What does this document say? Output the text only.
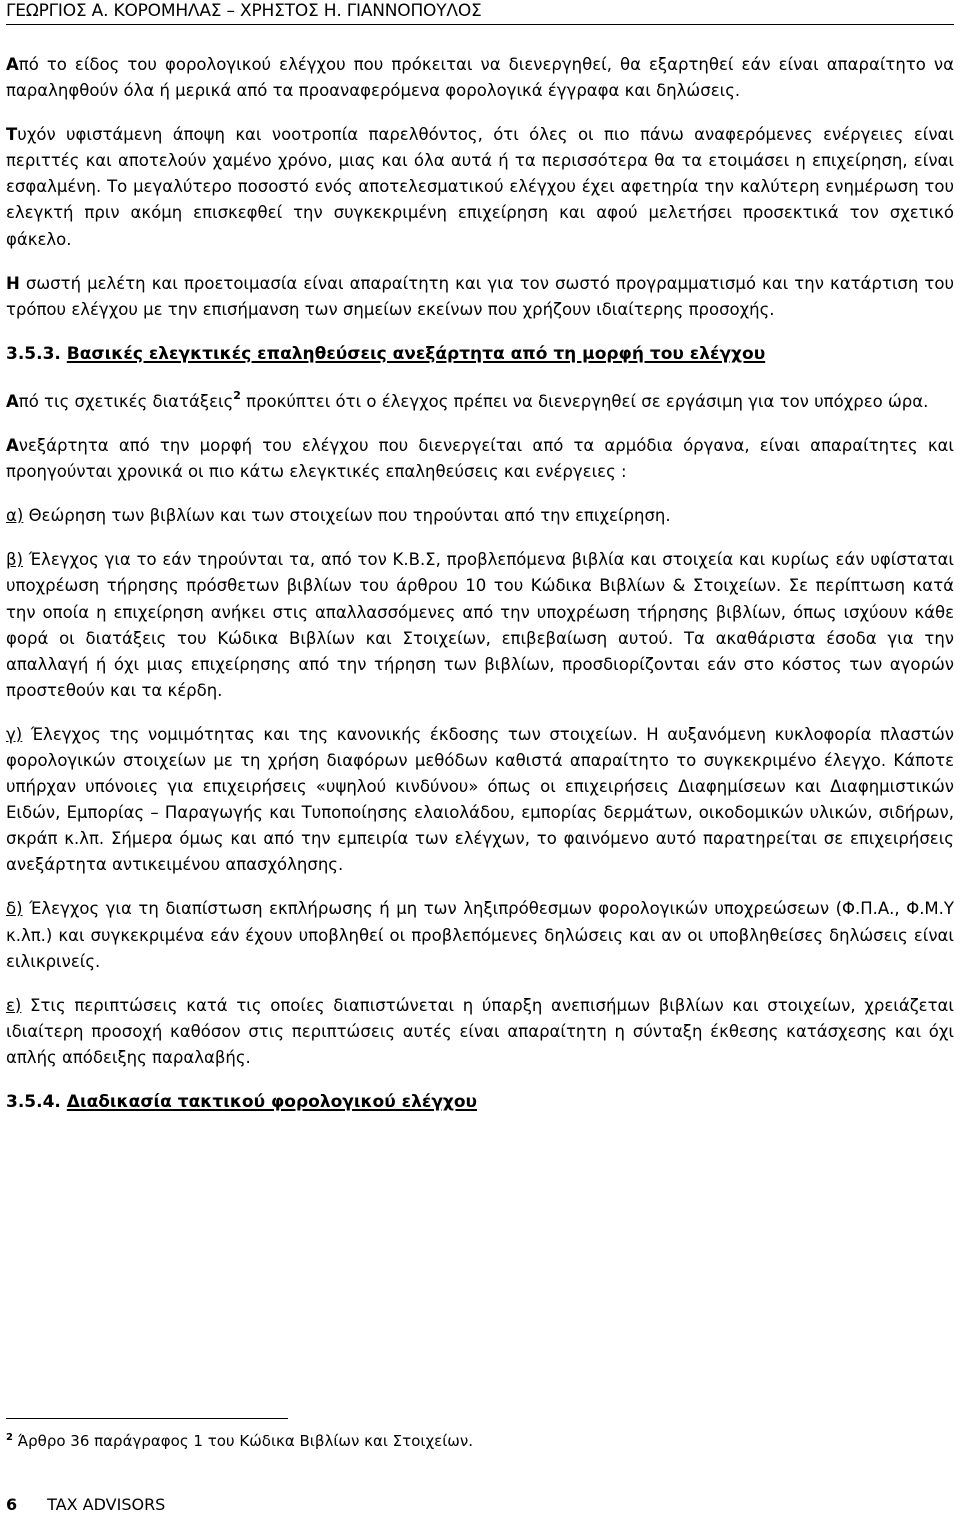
ΓΕΩΡΓΙΟΣ Α. ΚΟΡΟΜΗΛΑΣ – ΧΡΗΣΤΟΣ Η. ΓΙΑΝΝΟΠΟΥΛΟΣ

Από το είδος του φορολογικού ελέγχου που πρόκειται να διενεργηθεί, θα εξαρτηθεί εάν είναι απαραίτητο να παραληφθούν όλα ή μερικά από τα προαναφερόμενα φορολογικά έγγραφα και δηλώσεις.

Τυχόν υφιστάμενη άποψη και νοοτροπία παρελθόντος, ότι όλες οι πιο πάνω αναφερόμενες ενέργειες είναι περιττές και αποτελούν χαμένο χρόνο, μιας και όλα αυτά ή τα περισσότερα θα τα ετοιμάσει η επιχείρηση, είναι εσφαλμένη. Το μεγαλύτερο ποσοστό ενός αποτελεσματικού ελέγχου έχει αφετηρία την καλύτερη ενημέρωση του ελεγκτή πριν ακόμη επισκεφθεί την συγκεκριμένη επιχείρηση και αφού μελετήσει προσεκτικά τον σχετικό φάκελο.

Η σωστή μελέτη και προετοιμασία είναι απαραίτητη και για τον σωστό προγραμματισμό και την κατάρτιση του τρόπου ελέγχου με την επισήμανση των σημείων εκείνων που χρήζουν ιδιαίτερης προσοχής.

3.5.3. Βασικές ελεγκτικές επαληθεύσεις ανεξάρτητα από τη μορφή του ελέγχου

Από τις σχετικές διατάξεις$^2$ προκύπτει ότι ο έλεγχος πρέπει να διενεργηθεί σε εργάσιμη για τον υπόχρεο ώρα.

Ανεξάρτητα από την μορφή του ελέγχου που διενεργείται από τα αρμόδια όργανα, είναι απαραίτητες και προηγούνται χρονικά οι πιο κάτω ελεγκτικές επαληθεύσεις και ενέργειες :

α) Θεώρηση των βιβλίων και των στοιχείων που τηρούνται από την επιχείρηση.

β) Έλεγχος για το εάν τηρούνται τα, από τον Κ.Β.Σ, προβλεπόμενα βιβλία και στοιχεία και κυρίως εάν υφίσταται υποχρέωση τήρησης πρόσθετων βιβλίων του άρθρου 10 του Κώδικα Βιβλίων & Στοιχείων. Σε περίπτωση κατά την οποία η επιχείρηση ανήκει στις απαλλασσόμενες από την υποχρέωση τήρησης βιβλίων, όπως ισχύουν κάθε φορά οι διατάξεις του Κώδικα Βιβλίων και Στοιχείων, επιβεβαίωση αυτού. Τα ακαθάριστα έσοδα για την απαλλαγή ή όχι μιας επιχείρησης από την τήρηση των βιβλίων, προσδιορίζονται εάν στο κόστος των αγορών προστεθούν και τα κέρδη.

γ) Έλεγχος της νομιμότητας και της κανονικής έκδοσης των στοιχείων. Η αυξανόμενη κυκλοφορία πλαστών φορολογικών στοιχείων με τη χρήση διαφόρων μεθόδων καθιστά απαραίτητο το συγκεκριμένο έλεγχο. Κάποτε υπήρχαν υπόνοιες για επιχειρήσεις «υψηλού κινδύνου» όπως οι επιχειρήσεις Διαφημίσεων και Διαφημιστικών Ειδών, Εμπορίας – Παραγωγής και Τυποποίησης ελαιολάδου, εμπορίας δερμάτων, οικοδομικών υλικών, σιδήρων, σκράπ κ.λπ. Σήμερα όμως και από την εμπειρία των ελέγχων, το φαινόμενο αυτό παρατηρείται σε επιχειρήσεις ανεξάρτητα αντικειμένου απασχόλησης.

δ) Έλεγχος για τη διαπίστωση εκπλήρωσης ή μη των ληξιπρόθεσμων φορολογικών υποχρεώσεων (Φ.Π.Α., Φ.Μ.Υ κ.λπ.) και συγκεκριμένα εάν έχουν υποβληθεί οι προβλεπόμενες δηλώσεις και αν οι υποβληθείσες δηλώσεις είναι ειλικρινείς.

ε) Στις περιπτώσεις κατά τις οποίες διαπιστώνεται η ύπαρξη ανεπισήμων βιβλίων και στοιχείων, χρειάζεται ιδιαίτερη προσοχή καθόσον στις περιπτώσεις αυτές είναι απαραίτητη η σύνταξη έκθεσης κατάσχεσης και όχι απλής απόδειξης παραλαβής.

3.5.4. Διαδικασία τακτικού φορολογικού ελέγχου
$^2$ Άρθρο 36 παράγραφος 1 του Κώδικα Βιβλίων και Στοιχείων.
6 TAX ADVISORS
